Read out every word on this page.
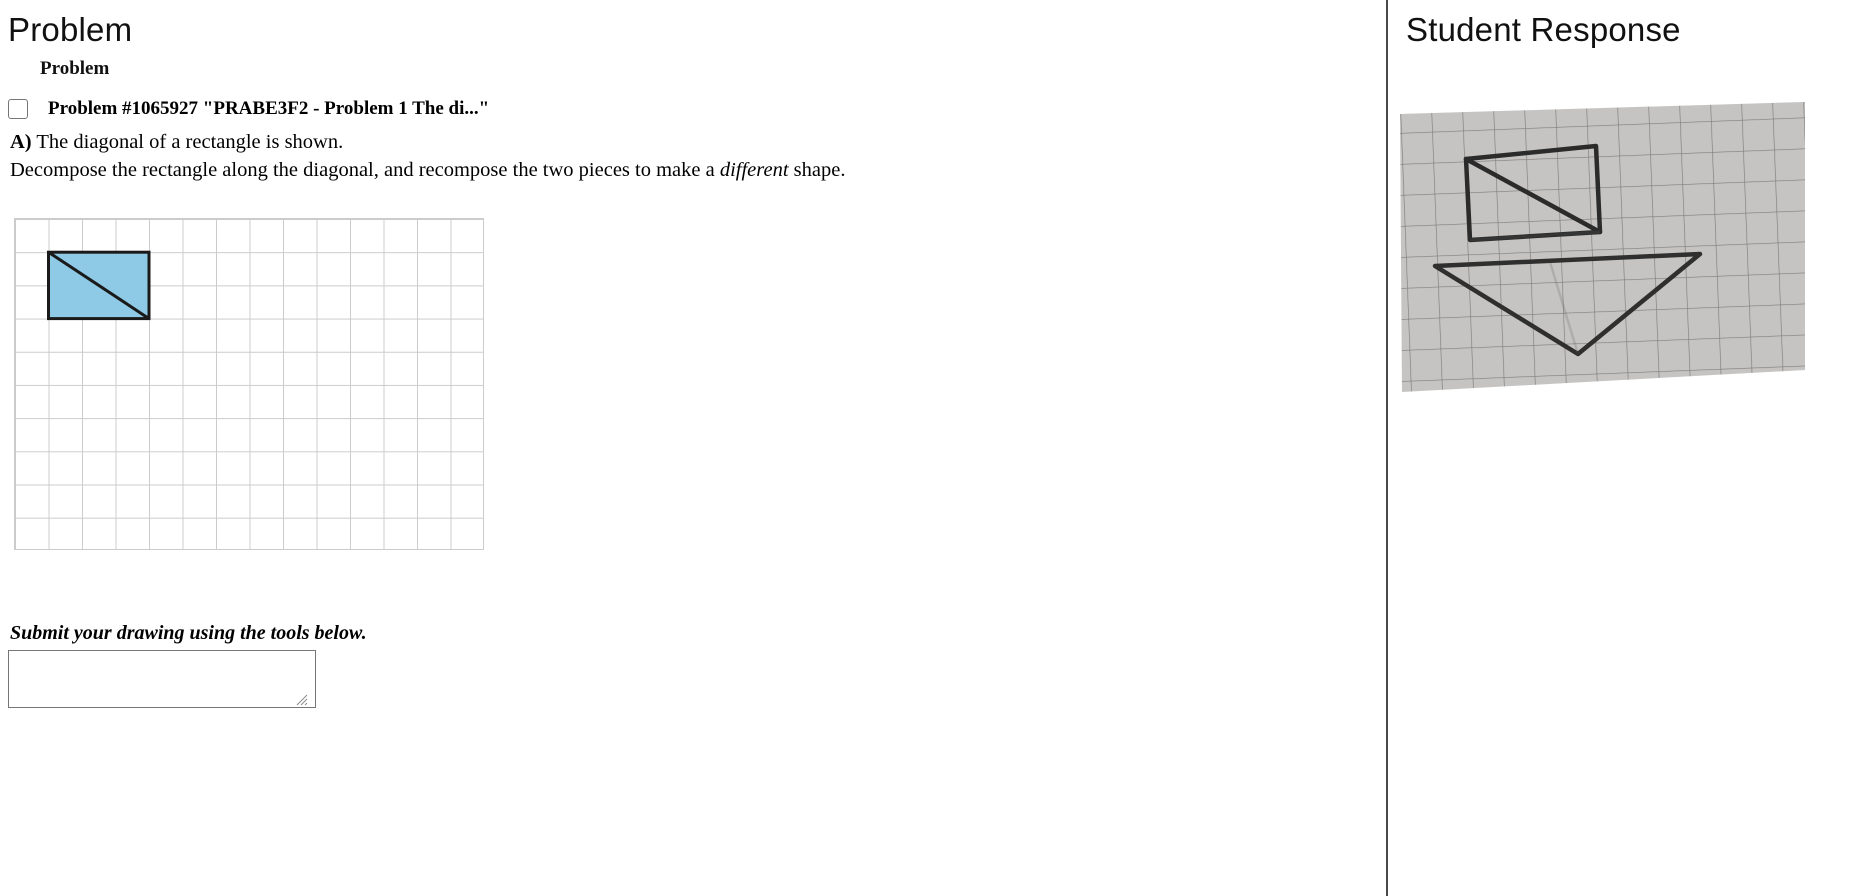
Problem
Problem
Problem #1065927 "PRABE3F2 - Problem 1 The di..."
A) The diagonal of a rectangle is shown.
Decompose the rectangle along the diagonal, and recompose the two pieces to make a different shape.
Submit your drawing using the tools below.
Student Response
